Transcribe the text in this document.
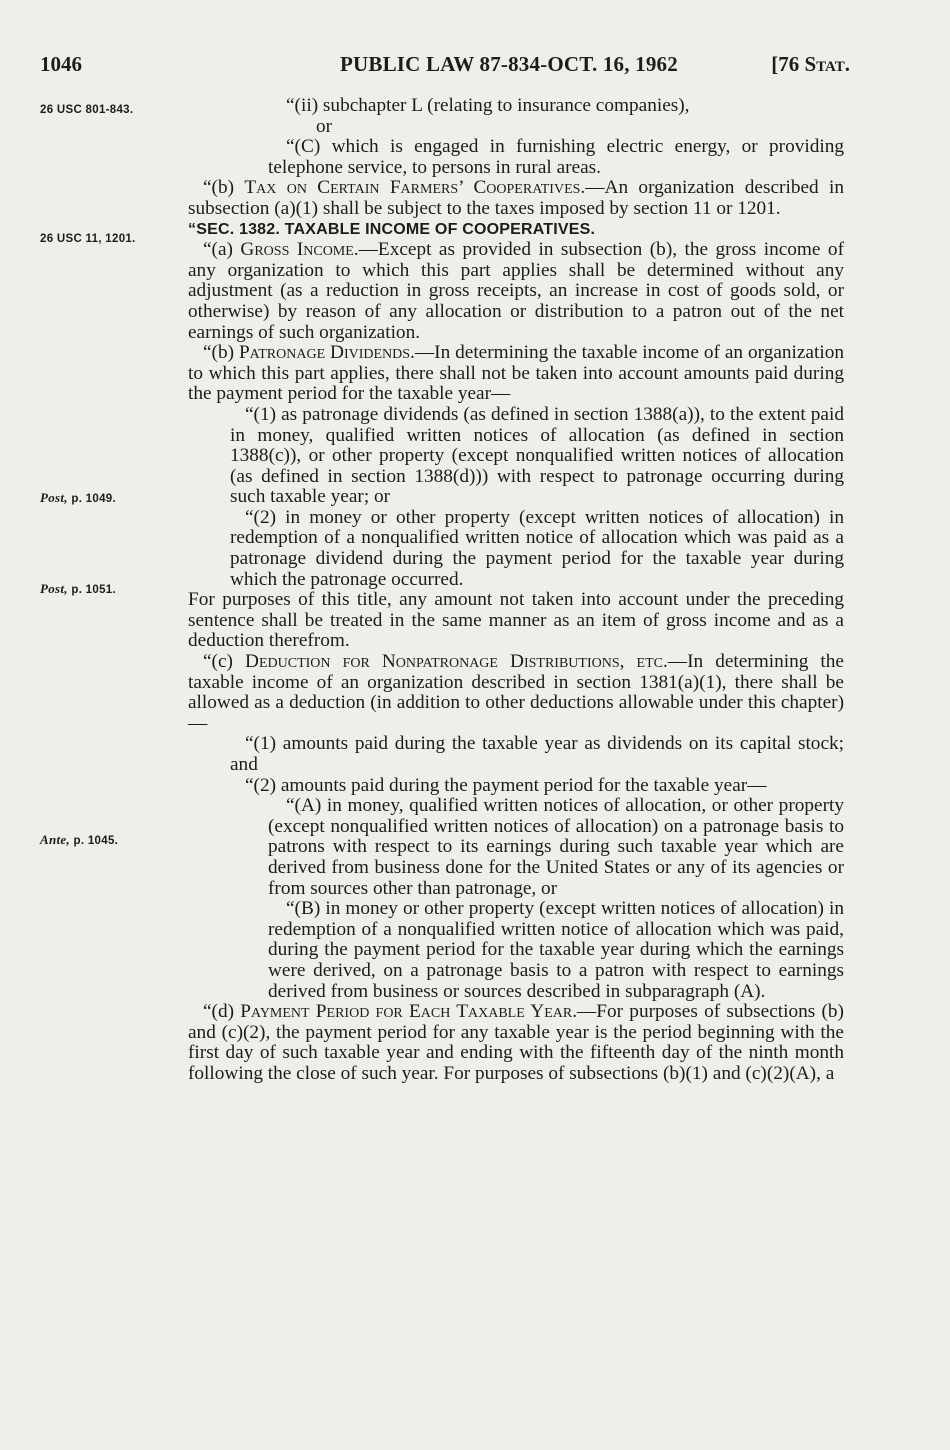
1046	PUBLIC LAW 87-834-OCT. 16, 1962	[76 Stat.
26 USC 801-843.
26 USC 11, 1201.
Post, p. 1049.
Post, p. 1051.
Ante, p. 1045.

“(ii) subchapter L (relating to insurance companies),

or

“(C) which is engaged in furnishing electric energy, or providing telephone service, to persons in rural areas.

“(b) Tax on Certain Farmers’ Cooperatives.—An organization described in subsection (a)(1) shall be subject to the taxes imposed by section 11 or 1201.

“SEC. 1382. TAXABLE INCOME OF COOPERATIVES.

“(a) Gross Income.—Except as provided in subsection (b), the gross income of any organization to which this part applies shall be determined without any adjustment (as a reduction in gross receipts, an increase in cost of goods sold, or otherwise) by reason of any allocation or distribution to a patron out of the net earnings of such organization.

“(b) Patronage Dividends.—In determining the taxable income of an organization to which this part applies, there shall not be taken into account amounts paid during the payment period for the taxable year—

“(1) as patronage dividends (as defined in section 1388(a)), to the extent paid in money, qualified written notices of allocation (as defined in section 1388(c)), or other property (except nonqualified written notices of allocation (as defined in section 1388(d))) with respect to patronage occurring during such taxable year; or

“(2) in money or other property (except written notices of allocation) in redemption of a nonqualified written notice of allocation which was paid as a patronage dividend during the payment period for the taxable year during which the patronage occurred.

For purposes of this title, any amount not taken into account under the preceding sentence shall be treated in the same manner as an item of gross income and as a deduction therefrom.

“(c) Deduction for Nonpatronage Distributions, etc.—In determining the taxable income of an organization described in section 1381(a)(1), there shall be allowed as a deduction (in addition to other deductions allowable under this chapter)—

“(1) amounts paid during the taxable year as dividends on its capital stock; and

“(2) amounts paid during the payment period for the taxable year—

“(A) in money, qualified written notices of allocation, or other property (except nonqualified written notices of allocation) on a patronage basis to patrons with respect to its earnings during such taxable year which are derived from business done for the United States or any of its agencies or from sources other than patronage, or

“(B) in money or other property (except written notices of allocation) in redemption of a nonqualified written notice of allocation which was paid, during the payment period for the taxable year during which the earnings were derived, on a patronage basis to a patron with respect to earnings derived from business or sources described in subparagraph (A).

“(d) Payment Period for Each Taxable Year.—For purposes of subsections (b) and (c)(2), the payment period for any taxable year is the period beginning with the first day of such taxable year and ending with the fifteenth day of the ninth month following the close of such year. For purposes of subsections (b)(1) and (c)(2)(A), a
